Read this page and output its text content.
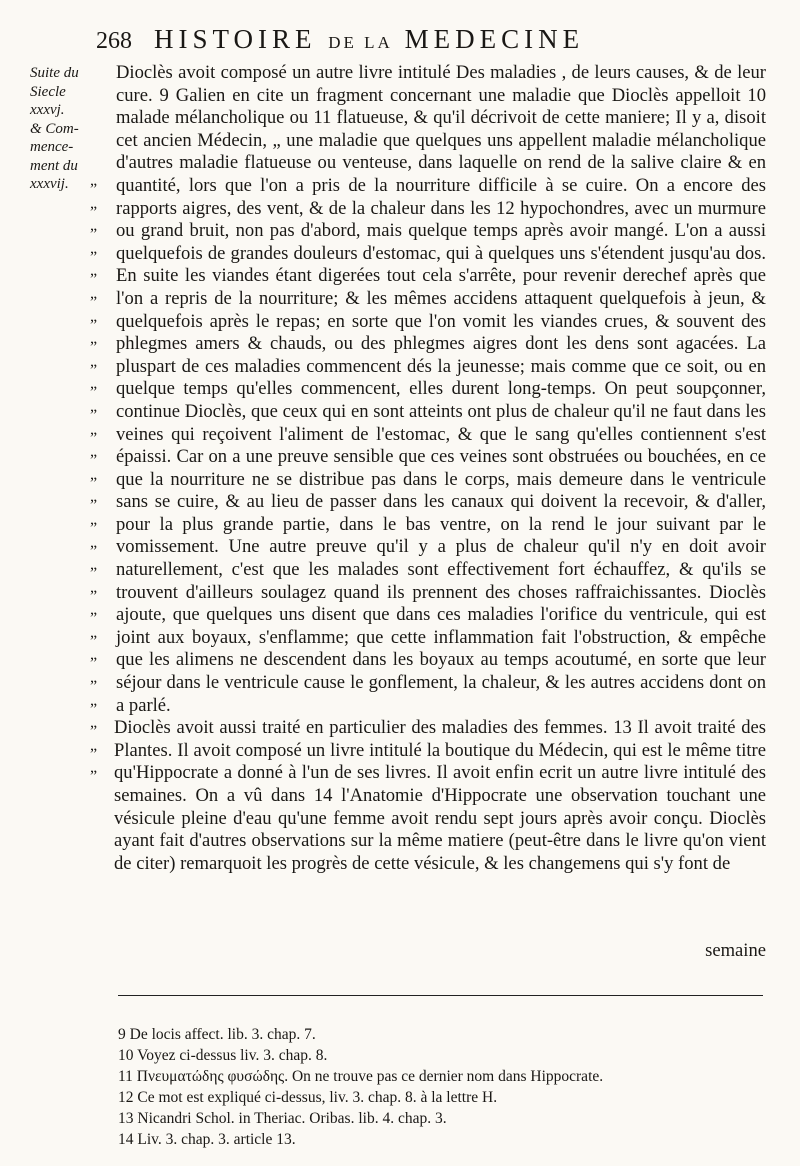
268 HISTOIRE DE LA MEDECINE
Suite du
Siecle
xxxvj.
& Com-
mence-
ment du
xxxvij.	„
„
„
„
„
„
„
„
„
„
„
„
„
„
„
„
„
„
„
„
„
„
„
„
„
„
„

Dioclès avoit composé un autre livre intitulé Des maladies , de leurs causes, & de leur cure. 9 Galien en cite un fragment concernant une maladie que Dioclès appelloit 10 malade mélancholique ou 11 flatueuse, & qu'il décrivoit de cette maniere; Il y a, disoit cet ancien Médecin, „ une maladie que quelques uns appellent maladie mélancholique d'autres maladie flatueuse ou venteuse, dans laquelle on rend de la salive claire & en quantité, lors que l'on a pris de la nourriture difficile à se cuire. On a encore des rapports aigres, des vent, & de la chaleur dans les 12 hypochondres, avec un murmure ou grand bruit, non pas d'abord, mais quelque temps après avoir mangé. L'on a aussi quelquefois de grandes douleurs d'estomac, qui à quelques uns s'étendent jusqu'au dos. En suite les viandes étant digerées tout cela s'arrête, pour revenir derechef après que l'on a repris de la nourriture; & les mêmes accidens attaquent quelquefois à jeun, & quelquefois après le repas; en sorte que l'on vomit les viandes crues, & souvent des phlegmes amers & chauds, ou des phlegmes aigres dont les dens sont agacées. La pluspart de ces maladies commencent dés la jeunesse; mais comme que ce soit, ou en quelque temps qu'elles commencent, elles durent long-temps. On peut soupçonner, continue Dioclès, que ceux qui en sont atteints ont plus de chaleur qu'il ne faut dans les veines qui reçoivent l'aliment de l'estomac, & que le sang qu'elles contiennent s'est épaissi. Car on a une preuve sensible que ces veines sont obstruées ou bouchées, en ce que la nourriture ne se distribue pas dans le corps, mais demeure dans le ventricule sans se cuire, & au lieu de passer dans les canaux qui doivent la recevoir, & d'aller, pour la plus grande partie, dans le bas ventre, on la rend le jour suivant par le vomissement. Une autre preuve qu'il y a plus de chaleur qu'il n'y en doit avoir naturellement, c'est que les malades sont effectivement fort échauffez, & qu'ils se trouvent d'ailleurs soulagez quand ils prennent des choses raffraichissantes. Dioclès ajoute, que quelques uns disent que dans ces maladies l'orifice du ventricule, qui est joint aux boyaux, s'enflamme; que cette inflammation fait l'obstruction, & empêche que les alimens ne descendent dans les boyaux au temps acoutumé, en sorte que leur séjour dans le ventricule cause le gonflement, la chaleur, & les autres accidens dont on a parlé.

Dioclès avoit aussi traité en particulier des maladies des femmes. 13 Il avoit traité des Plantes. Il avoit composé un livre intitulé la boutique du Médecin, qui est le même titre qu'Hippocrate a donné à l'un de ses livres. Il avoit enfin ecrit un autre livre intitulé des semaines. On a vû dans 14 l'Anatomie d'Hippocrate une observation touchant une vésicule pleine d'eau qu'une femme avoit rendu sept jours après avoir conçu. Dioclès ayant fait d'autres observations sur la même matiere (peut-être dans le livre qu'on vient de citer) remarquoit les progrès de cette vésicule, & les changemens qui s'y font de

semaine
9 De locis affect. lib. 3. chap. 7.
10 Voyez ci-dessus liv. 3. chap. 8.
11 Πνευματώδης φυσώδης. On ne trouve pas ce dernier nom dans Hippocrate.
12 Ce mot est expliqué ci-dessus, liv. 3. chap. 8. à la lettre H.
13 Nicandri Schol. in Theriac. Oribas. lib. 4. chap. 3.
14 Liv. 3. chap. 3. article 13.
